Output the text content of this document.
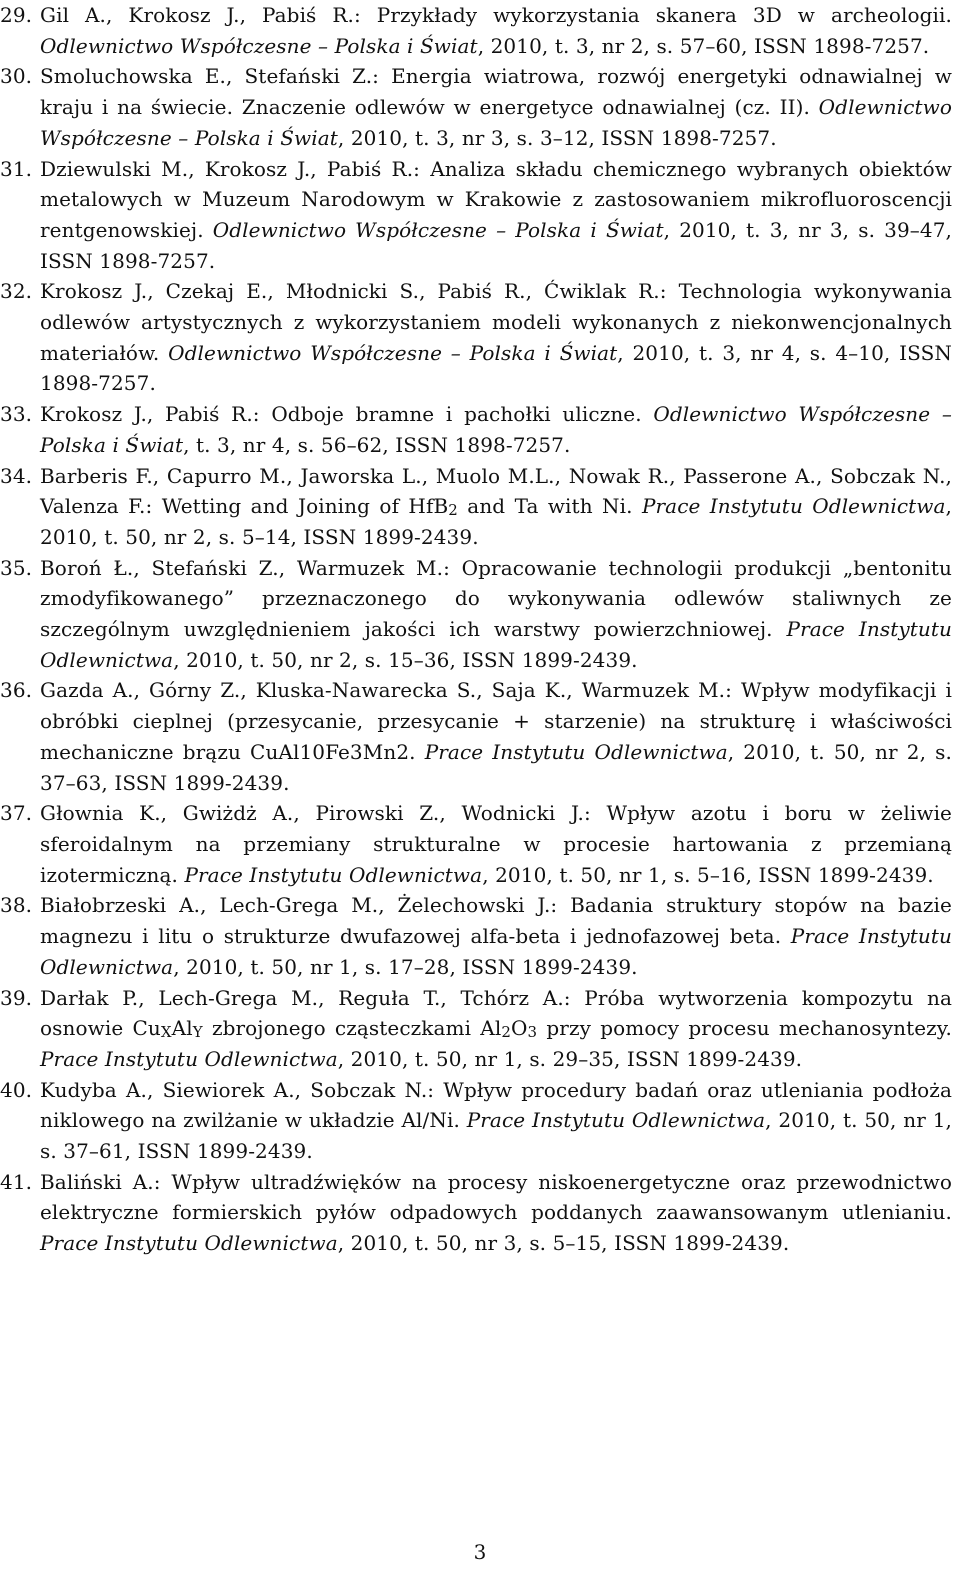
29. Gil A., Krokosz J., Pabiś R.: Przykłady wykorzystania skanera 3D w archeologii. Odlewnictwo Współczesne – Polska i Świat, 2010, t. 3, nr 2, s. 57–60, ISSN 1898-7257.
30. Smoluchowska E., Stefański Z.: Energia wiatrowa, rozwój energetyki odnawialnej w kraju i na świecie. Znaczenie odlewów w energetyce odnawialnej (cz. II). Odlewnictwo Współczesne – Polska i Świat, 2010, t. 3, nr 3, s. 3–12, ISSN 1898-7257.
31. Dziewulski M., Krokosz J., Pabiś R.: Analiza składu chemicznego wybranych obiektów metalowych w Muzeum Narodowym w Krakowie z zastosowaniem mikrofluoroscencji rentgenowskiej. Odlewnictwo Współczesne – Polska i Świat, 2010, t. 3, nr 3, s. 39–47, ISSN 1898-7257.
32. Krokosz J., Czekaj E., Młodnicki S., Pabiś R., Ćwiklak R.: Technologia wykonywania odlewów artystycznych z wykorzystaniem modeli wykonanych z niekonwencjonalnych materiałów. Odlewnictwo Współczesne – Polska i Świat, 2010, t. 3, nr 4, s. 4–10, ISSN 1898-7257.
33. Krokosz J., Pabiś R.: Odboje bramne i pachołki uliczne. Odlewnictwo Współczesne – Polska i Świat, t. 3, nr 4, s. 56–62, ISSN 1898-7257.
34. Barberis F., Capurro M., Jaworska L., Muolo M.L., Nowak R., Passerone A., Sobczak N., Valenza F.: Wetting and Joining of HfB$_2$ and Ta with Ni. Prace Instytutu Odlewnictwa, 2010, t. 50, nr 2, s. 5–14, ISSN 1899-2439.
35. Boroń Ł., Stefański Z., Warmuzek M.: Opracowanie technologii produkcji „bentonitu zmodyfikowanego” przeznaczonego do wykonywania odlewów staliwnych ze szczególnym uwzględnieniem jakości ich warstwy powierzchniowej. Prace Instytutu Odlewnictwa, 2010, t. 50, nr 2, s. 15–36, ISSN 1899-2439.
36. Gazda A., Górny Z., Kluska-Nawarecka S., Saja K., Warmuzek M.: Wpływ modyfikacji i obróbki cieplnej (przesycanie, przesycanie + starzenie) na strukturę i właściwości mechaniczne brązu CuAl10Fe3Mn2. Prace Instytutu Odlewnictwa, 2010, t. 50, nr 2, s. 37–63, ISSN 1899-2439.
37. Głownia K., Gwiżdż A., Pirowski Z., Wodnicki J.: Wpływ azotu i boru w żeliwie sferoidalnym na przemiany strukturalne w procesie hartowania z przemianą izotermiczną. Prace Instytutu Odlewnictwa, 2010, t. 50, nr 1, s. 5–16, ISSN 1899-2439.
38. Białobrzeski A., Lech-Grega M., Żelechowski J.: Badania struktury stopów na bazie magnezu i litu o strukturze dwufazowej alfa-beta i jednofazowej beta. Prace Instytutu Odlewnictwa, 2010, t. 50, nr 1, s. 17–28, ISSN 1899-2439.
39. Darłak P., Lech-Grega M., Reguła T., Tchórz A.: Próba wytworzenia kompozytu na osnowie $Cu_XAl_Y$ zbrojonego cząsteczkami $Al_2O_3$ przy pomocy procesu mechanosyntezy. Prace Instytutu Odlewnictwa, 2010, t. 50, nr 1, s. 29–35, ISSN 1899-2439.
40. Kudyba A., Siewiorek A., Sobczak N.: Wpływ procedury badań oraz utleniania podłoża niklowego na zwilżanie w układzie Al/Ni. Prace Instytutu Odlewnictwa, 2010, t. 50, nr 1, s. 37–61, ISSN 1899-2439.
41. Baliński A.: Wpływ ultradźwięków na procesy niskoenergetyczne oraz przewodnictwo elektryczne formierskich pyłów odpadowych poddanych zaawansowanym utlenianiu. Prace Instytutu Odlewnictwa, 2010, t. 50, nr 3, s. 5–15, ISSN 1899-2439.
3
